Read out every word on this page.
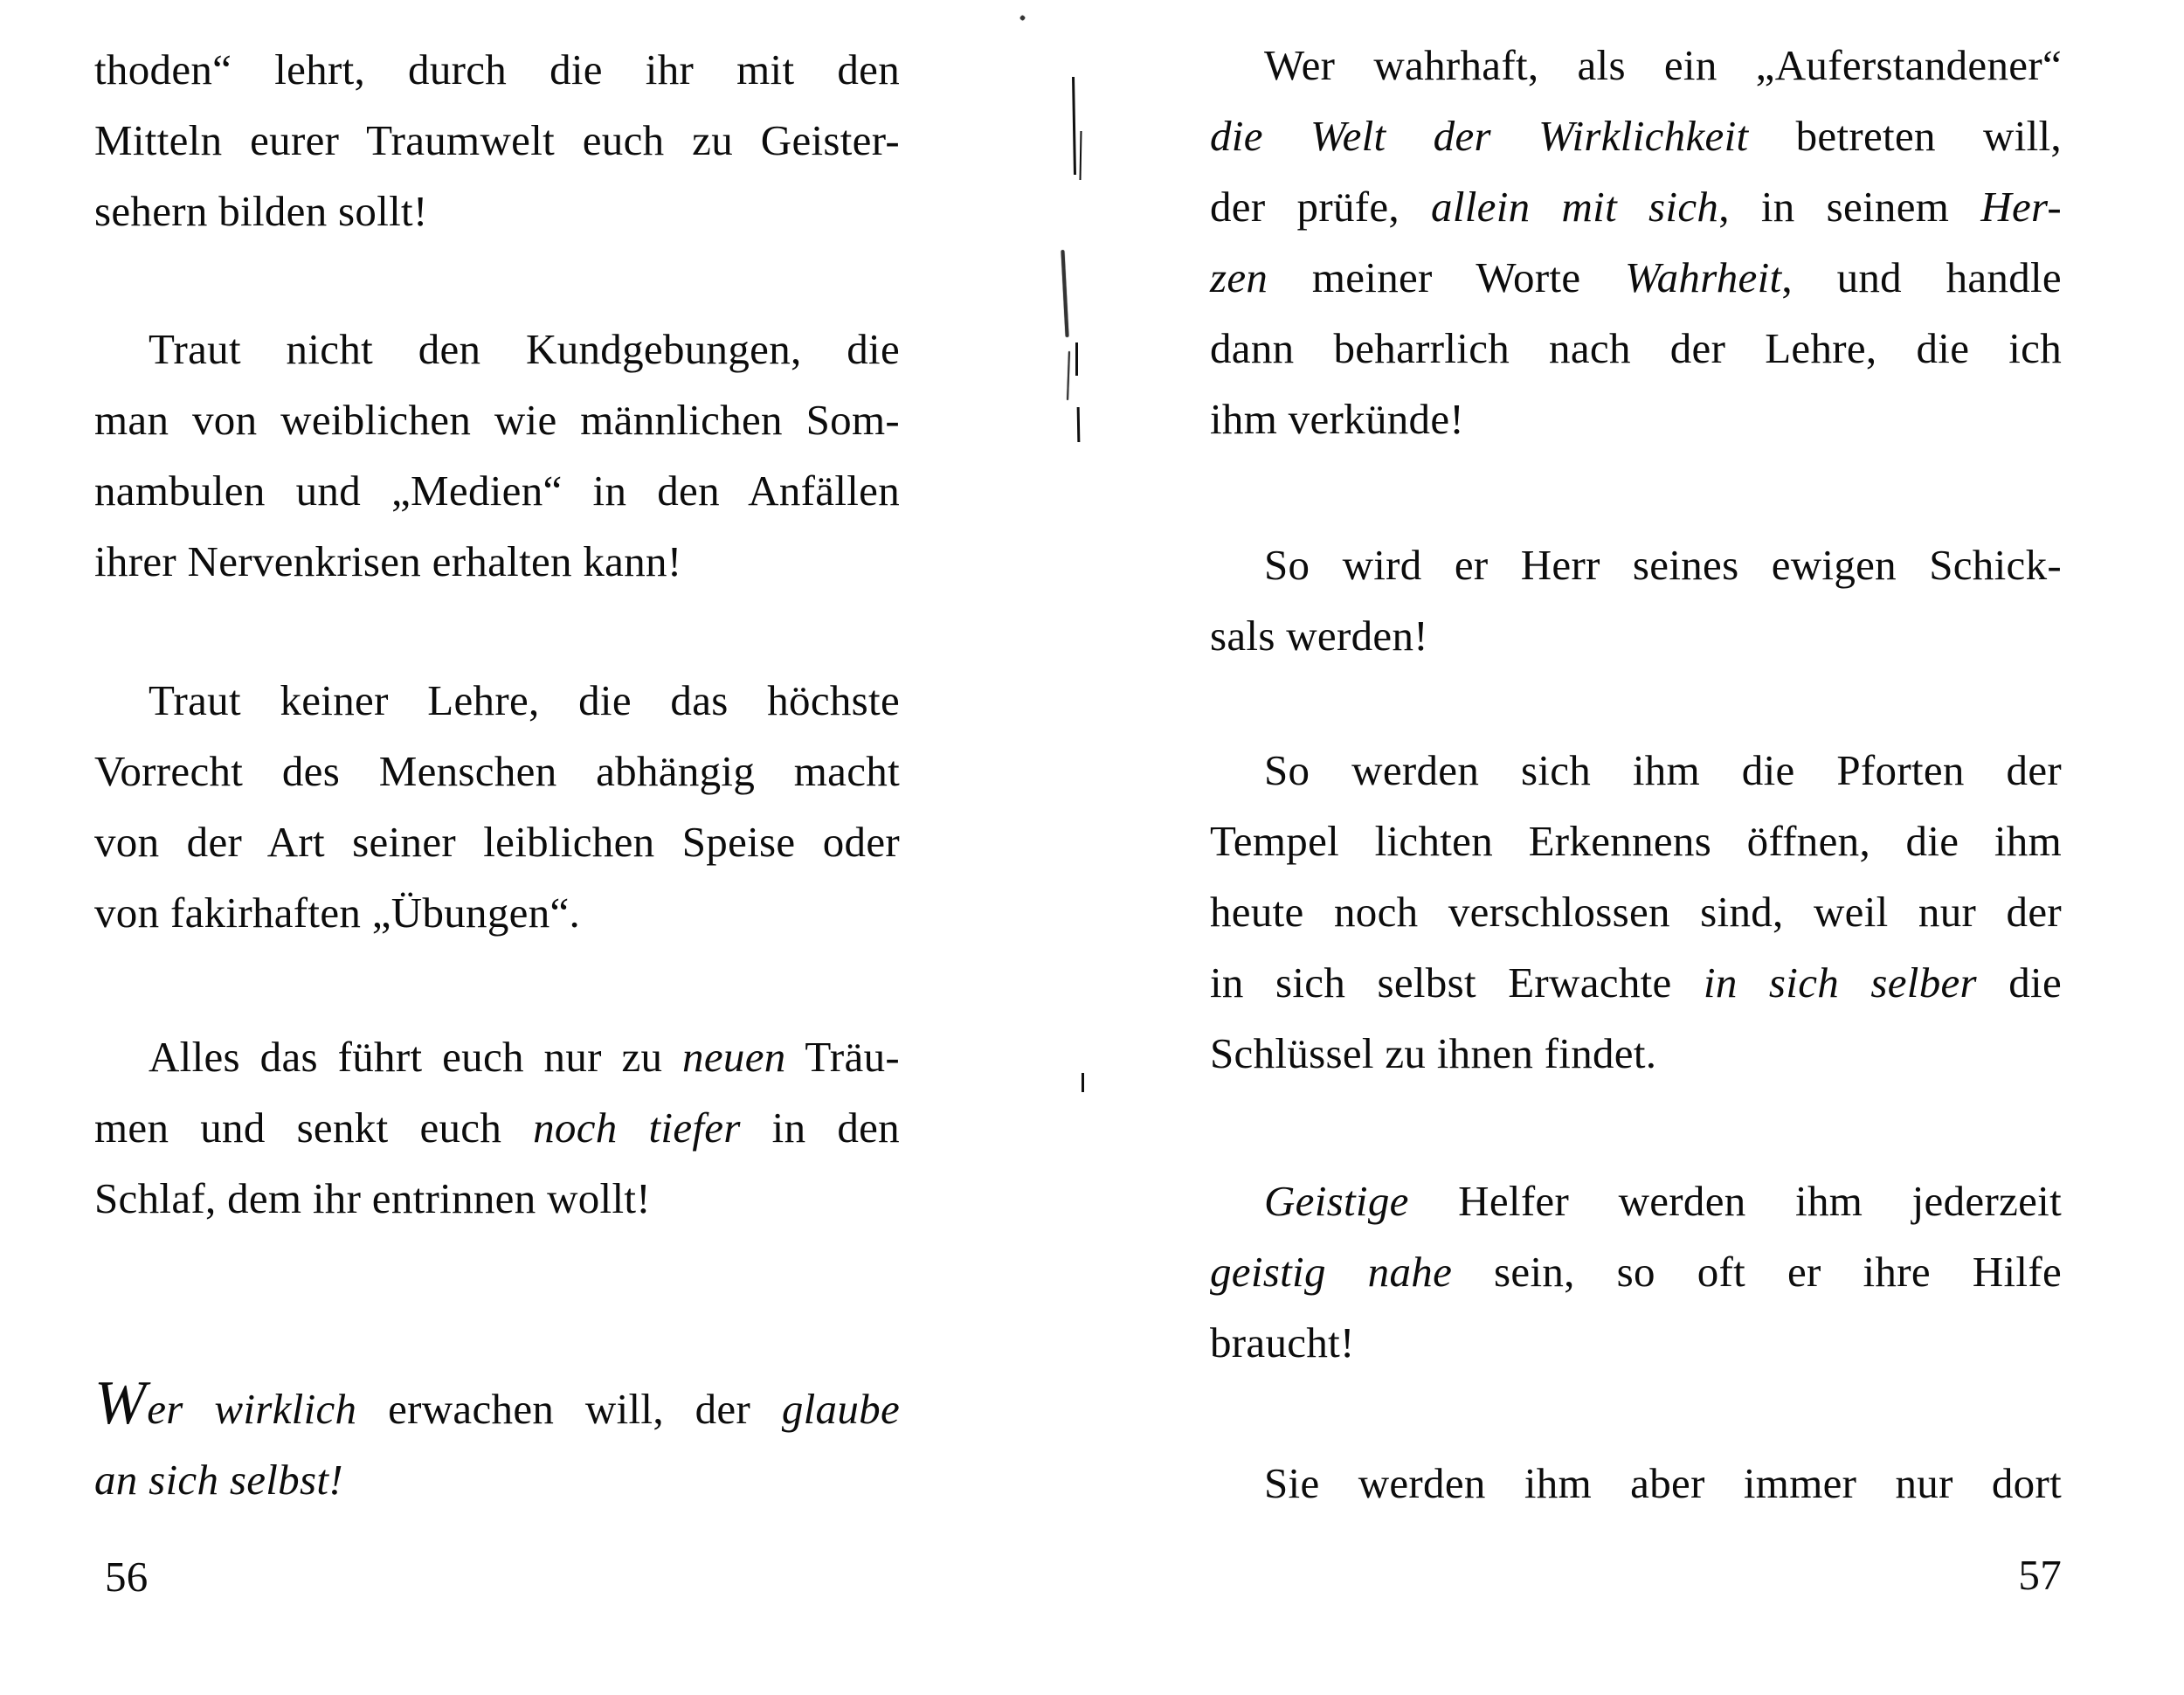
56
thoden“ lehrt, durch die ihr mit den
Mitteln eurer Traumwelt euch zu Geister-
sehern bilden sollt!
Traut nicht den Kundgebungen, die
man von weiblichen wie männlichen Som-
nambulen und „Medien“ in den Anfällen
ihrer Nervenkrisen erhalten kann!
Traut keiner Lehre, die das höchste
Vorrecht des Menschen abhängig macht
von der Art seiner leiblichen Speise oder
von fakirhaften „Übungen“.
Alles das führt euch nur zu neuen Träu-
men und senkt euch noch tiefer in den
Schlaf, dem ihr entrinnen wollt!
Wer wirklich erwachen will, der glaube
an sich selbst!
57
Wer wahrhaft, als ein „Auferstandener“
die Welt der Wirklichkeit betreten will,
der prüfe, allein mit sich, in seinem Her-
zen meiner Worte Wahrheit, und handle
dann beharrlich nach der Lehre, die ich
ihm verkünde!
So wird er Herr seines ewigen Schick-
sals werden!
So werden sich ihm die Pforten der
Tempel lichten Erkennens öffnen, die ihm
heute noch verschlossen sind, weil nur der
in sich selbst Erwachte in sich selber die
Schlüssel zu ihnen findet.
Geistige Helfer werden ihm jederzeit
geistig nahe sein, so oft er ihre Hilfe
braucht!
Sie werden ihm aber immer nur dort
